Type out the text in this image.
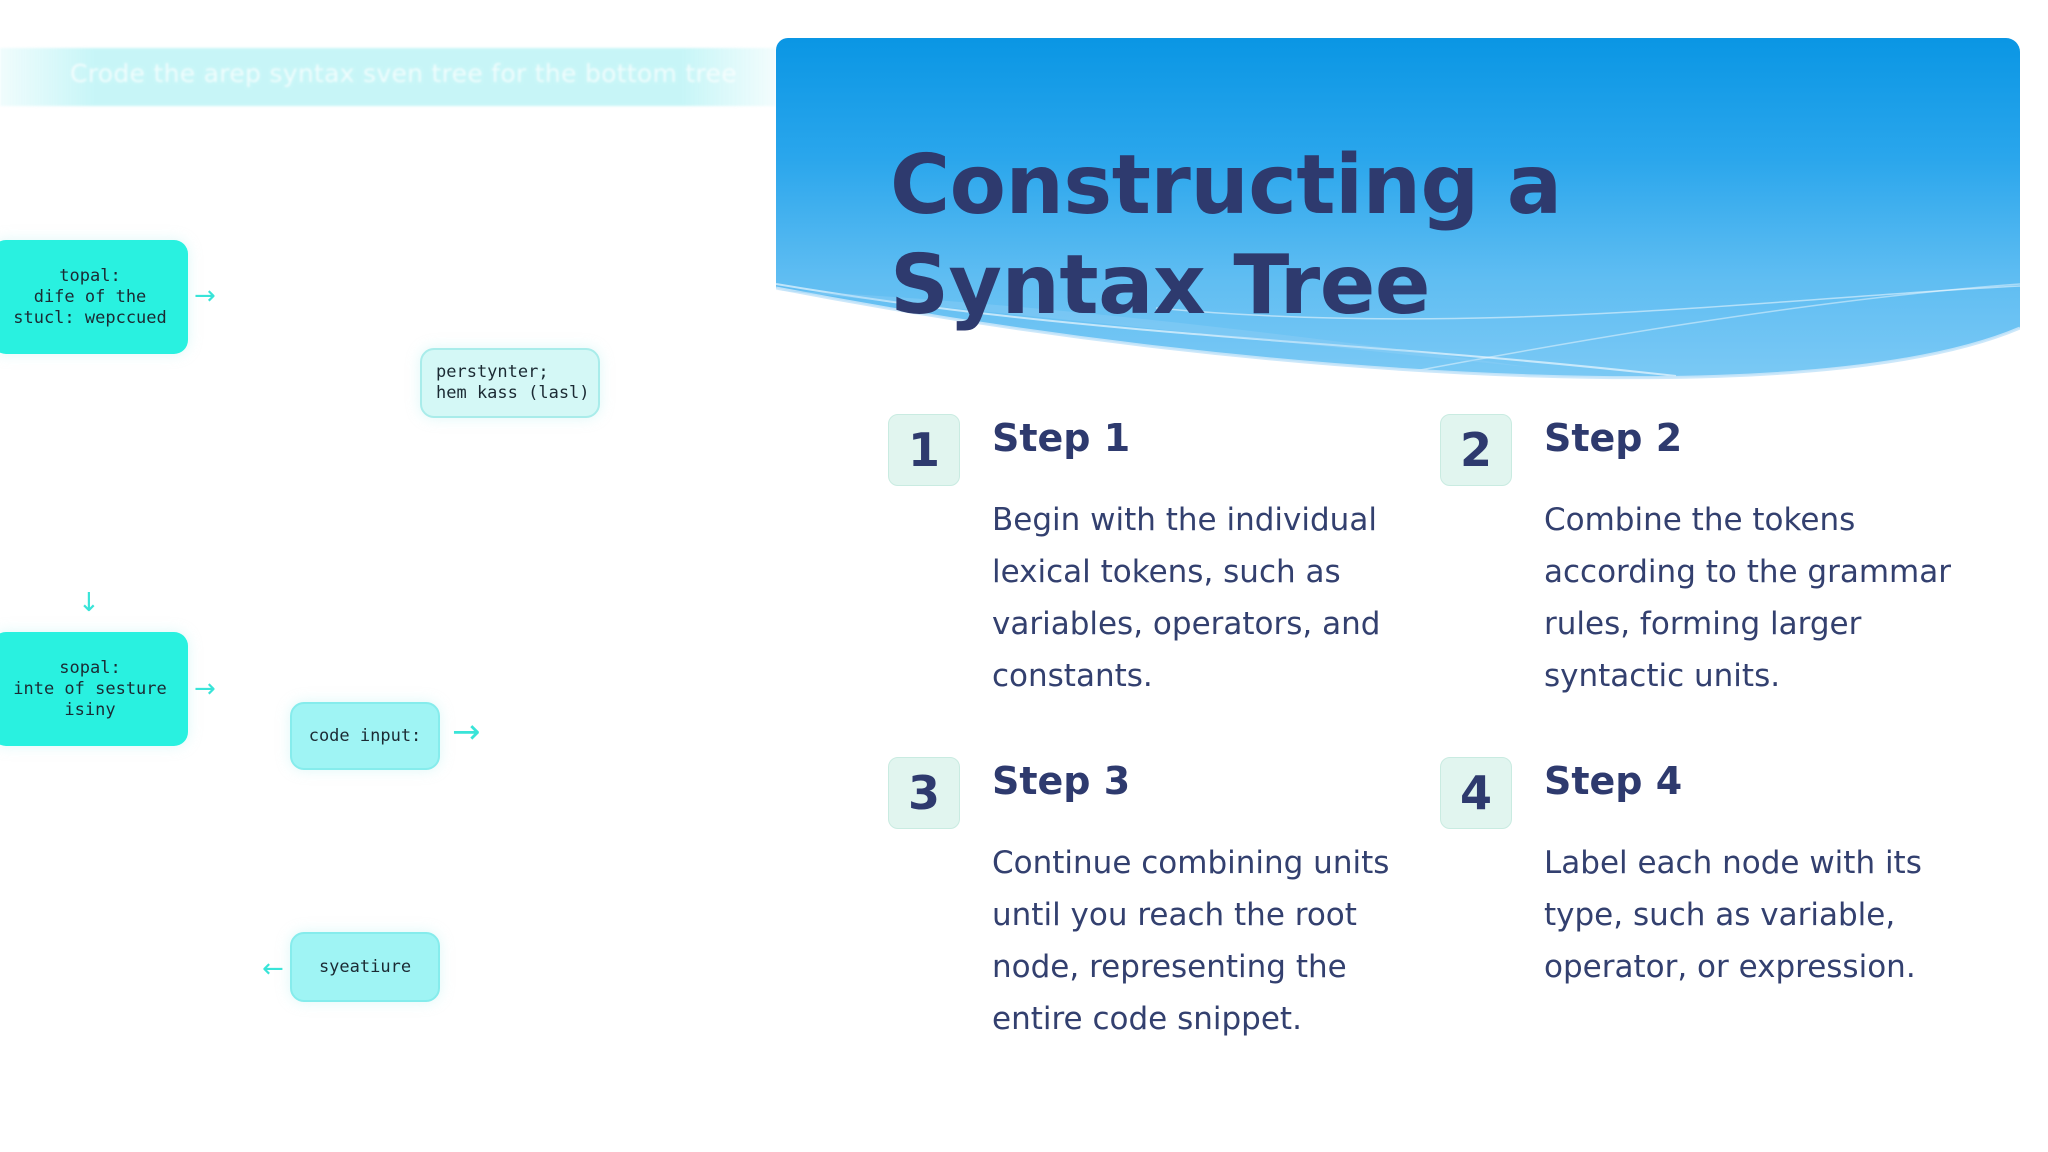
Crode the arep syntax sven tree for the bottom tree
topal:
dife of the
stucl: wepccued
→
perstynter;
hem kass (lasl)
↓
sopal:
inte of sesture
isiny
→
code input: →
← syeatiure
Constructing a Syntax Tree
1	Step 1

Begin with the individual lexical tokens, such as variables, operators, and constants.

2	Step 2

Combine the tokens according to the grammar rules, forming larger syntactic units.

3	Step 3

Continue combining units until you reach the root node, representing the entire code snippet.

4	Step 4

Label each node with its type, such as variable, operator, or expression.
